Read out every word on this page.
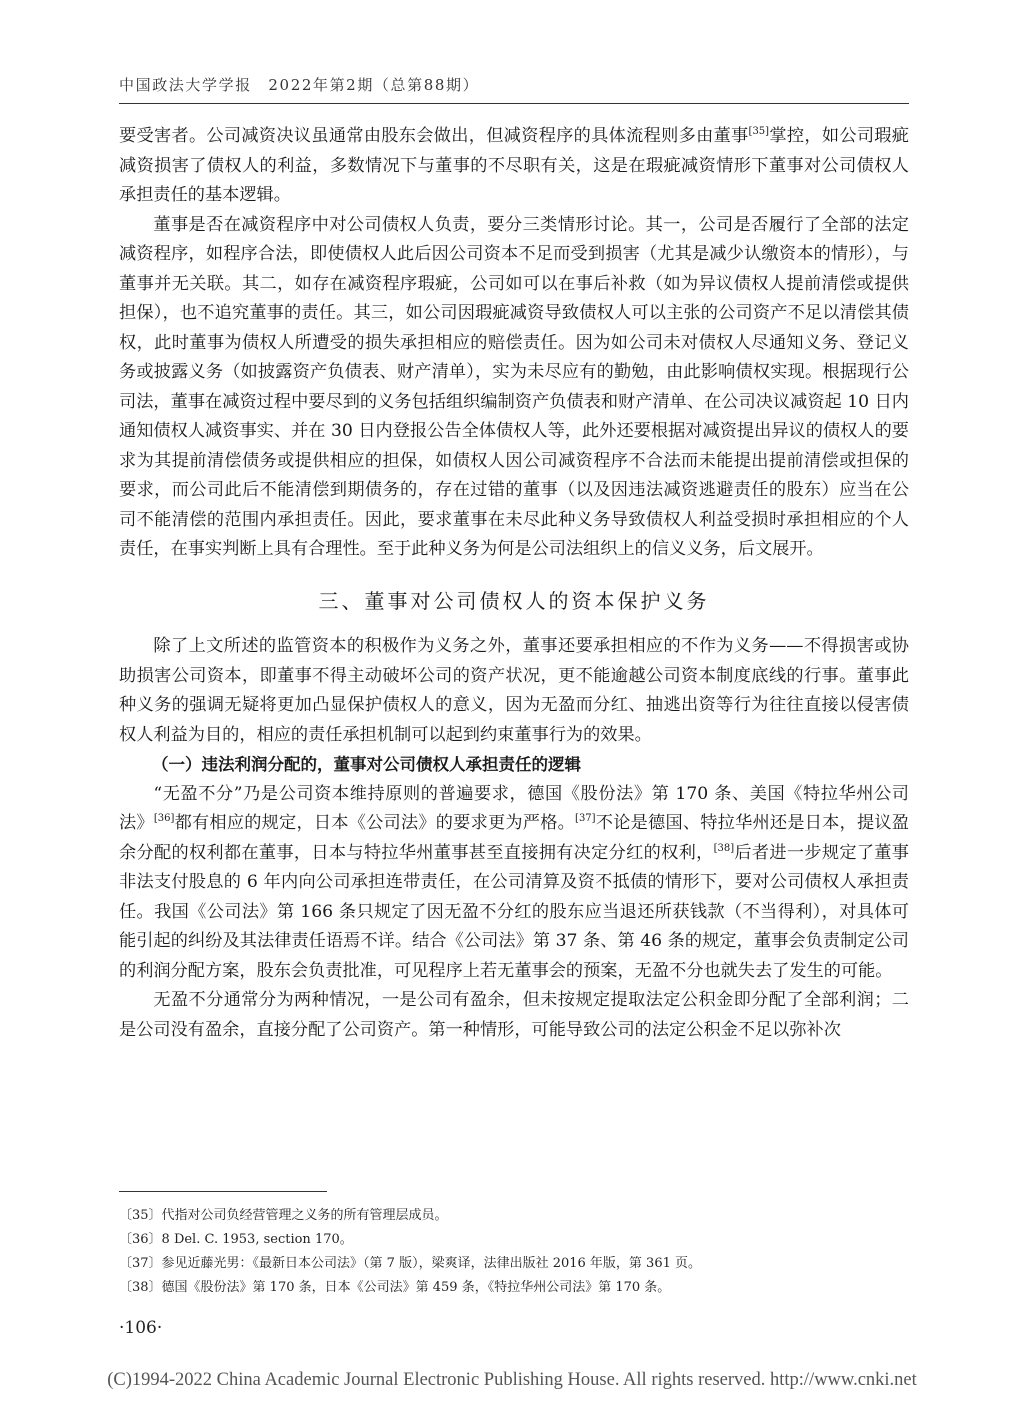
中国政法大学学报　2022年第2期（总第88期）

要受害者。公司减资决议虽通常由股东会做出，但减资程序的具体流程则多由董事[35]掌控，如公司瑕疵减资损害了债权人的利益，多数情况下与董事的不尽职有关，这是在瑕疵减资情形下董事对公司债权人承担责任的基本逻辑。

董事是否在减资程序中对公司债权人负责，要分三类情形讨论。其一，公司是否履行了全部的法定减资程序，如程序合法，即使债权人此后因公司资本不足而受到损害（尤其是减少认缴资本的情形），与董事并无关联。其二，如存在减资程序瑕疵，公司如可以在事后补救（如为异议债权人提前清偿或提供担保），也不追究董事的责任。其三，如公司因瑕疵减资导致债权人可以主张的公司资产不足以清偿其债权，此时董事为债权人所遭受的损失承担相应的赔偿责任。因为如公司未对债权人尽通知义务、登记义务或披露义务（如披露资产负债表、财产清单），实为未尽应有的勤勉，由此影响债权实现。根据现行公司法，董事在减资过程中要尽到的义务包括组织编制资产负债表和财产清单、在公司决议减资起 10 日内通知债权人减资事实、并在 30 日内登报公告全体债权人等，此外还要根据对减资提出异议的债权人的要求为其提前清偿债务或提供相应的担保，如债权人因公司减资程序不合法而未能提出提前清偿或担保的要求，而公司此后不能清偿到期债务的，存在过错的董事（以及因违法减资逃避责任的股东）应当在公司不能清偿的范围内承担责任。因此，要求董事在未尽此种义务导致债权人利益受损时承担相应的个人责任，在事实判断上具有合理性。至于此种义务为何是公司法组织上的信义义务，后文展开。

三、董事对公司债权人的资本保护义务

除了上文所述的监管资本的积极作为义务之外，董事还要承担相应的不作为义务——不得损害或协助损害公司资本，即董事不得主动破坏公司的资产状况，更不能逾越公司资本制度底线的行事。董事此种义务的强调无疑将更加凸显保护债权人的意义，因为无盈而分红、抽逃出资等行为往往直接以侵害债权人利益为目的，相应的责任承担机制可以起到约束董事行为的效果。

（一）违法利润分配的，董事对公司债权人承担责任的逻辑

“无盈不分”乃是公司资本维持原则的普遍要求，德国《股份法》第 170 条、美国《特拉华州公司法》[36]都有相应的规定，日本《公司法》的要求更为严格。[37]不论是德国、特拉华州还是日本，提议盈余分配的权利都在董事，日本与特拉华州董事甚至直接拥有决定分红的权利，[38]后者进一步规定了董事非法支付股息的 6 年内向公司承担连带责任，在公司清算及资不抵债的情形下，要对公司债权人承担责任。我国《公司法》第 166 条只规定了因无盈不分红的股东应当退还所获钱款（不当得利），对具体可能引起的纠纷及其法律责任语焉不详。结合《公司法》第 37 条、第 46 条的规定，董事会负责制定公司的利润分配方案，股东会负责批准，可见程序上若无董事会的预案，无盈不分也就失去了发生的可能。

无盈不分通常分为两种情况，一是公司有盈余，但未按规定提取法定公积金即分配了全部利润；二是公司没有盈余，直接分配了公司资产。第一种情形，可能导致公司的法定公积金不足以弥补次

〔35〕代指对公司负经营管理之义务的所有管理层成员。
〔36〕8 Del. C. 1953, section 170。
〔37〕参见近藤光男：《最新日本公司法》（第 7 版），梁爽译，法律出版社 2016 年版，第 361 页。
〔38〕德国《股份法》第 170 条，日本《公司法》第 459 条，《特拉华州公司法》第 170 条。
·106·
(C)1994-2022 China Academic Journal Electronic Publishing House. All rights reserved. http://www.cnki.net
